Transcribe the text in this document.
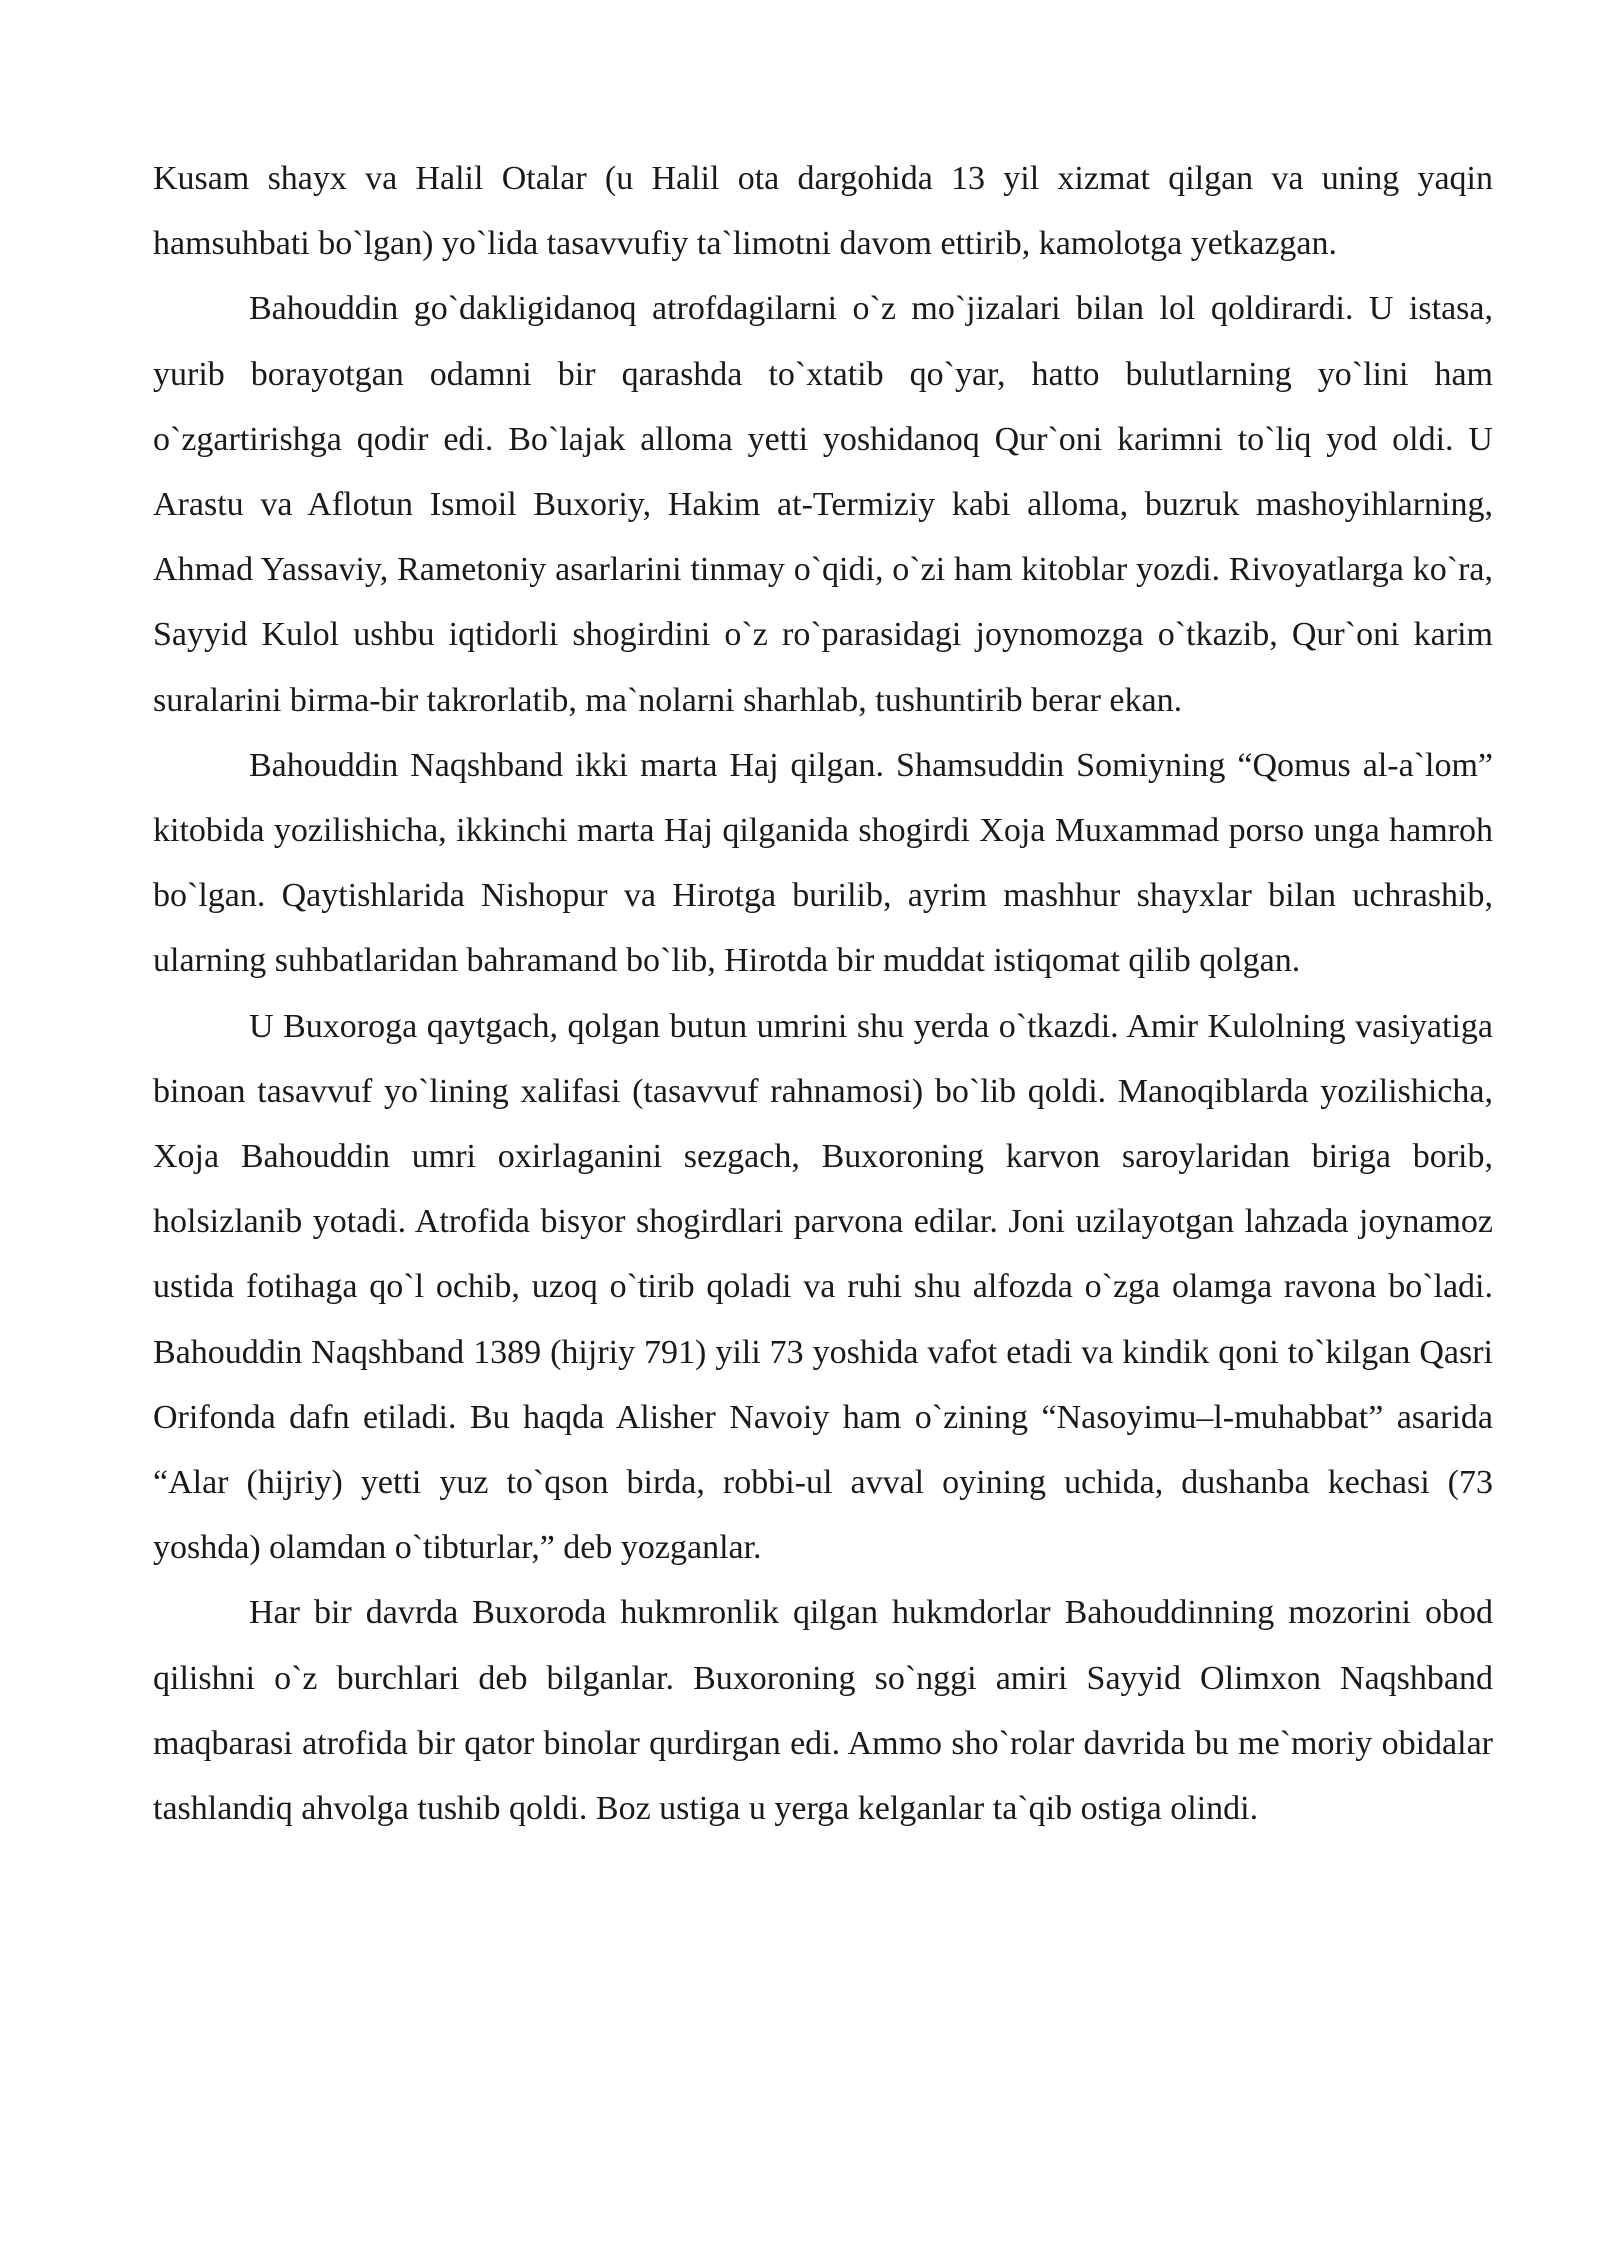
Kusam shayx va Halil Otalar (u Halil ota dargohida 13 yil xizmat qilgan va uning yaqin hamsuhbati bo`lgan) yo`lida tasavvufiy ta`limotni davom ettirib, kamolotga yetkazgan.

Bahouddin go`dakligidanoq atrofdagilarni o`z mo`jizalari bilan lol qoldirardi. U istasa, yurib borayotgan odamni bir qarashda to`xtatib qo`yar, hatto bulutlarning yo`lini ham o`zgartirishga qodir edi. Bo`lajak alloma yetti yoshidanoq Qur`oni karimni to`liq yod oldi. U Arastu va Aflotun Ismoil Buxoriy, Hakim at-Termiziy kabi alloma, buzruk mashoyihlarning, Ahmad Yassaviy, Rametoniy asarlarini tinmay o`qidi, o`zi ham kitoblar yozdi. Rivoyatlarga ko`ra, Sayyid Kulol ushbu iqtidorli shogirdini o`z ro`parasidagi joynomozga o`tkazib, Qur`oni karim suralarini birma-bir takrorlatib, ma`nolarni sharhlab, tushuntirib berar ekan.

Bahouddin Naqshband ikki marta Haj qilgan. Shamsuddin Somiyning “Qomus al-a`lom” kitobida yozilishicha, ikkinchi marta Haj qilganida shogirdi Xoja Muxammad porso unga hamroh bo`lgan. Qaytishlarida Nishopur va Hirotga burilib, ayrim mashhur shayxlar bilan uchrashib, ularning suhbatlaridan bahramand bo`lib, Hirotda bir muddat istiqomat qilib qolgan.

U Buxoroga qaytgach, qolgan butun umrini shu yerda o`tkazdi. Amir Kulolning vasiyatiga binoan tasavvuf yo`lining xalifasi (tasavvuf rahnamosi) bo`lib qoldi. Manoqiblarda yozilishicha, Xoja Bahouddin umri oxirlaganini sezgach, Buxoroning karvon saroylaridan biriga borib, holsizlanib yotadi. Atrofida bisyor shogirdlari parvona edilar. Joni uzilayotgan lahzada joynamoz ustida fotihaga qo`l ochib, uzoq o`tirib qoladi va ruhi shu alfozda o`zga olamga ravona bo`ladi. Bahouddin Naqshband 1389 (hijriy 791) yili 73 yoshida vafot etadi va kindik qoni to`kilgan Qasri Orifonda dafn etiladi. Bu haqda Alisher Navoiy ham o`zining “Nasoyimu–l-muhabbat” asarida “Alar (hijriy) yetti yuz to`qson birda, robbi-ul avval oyining uchida, dushanba kechasi (73 yoshda) olamdan o`tibturlar,” deb yozganlar.

Har bir davrda Buxoroda hukmronlik qilgan hukmdorlar Bahouddinning mozorini obod qilishni o`z burchlari deb bilganlar. Buxoroning so`nggi amiri Sayyid Olimxon Naqshband maqbarasi atrofida bir qator binolar qurdirgan edi. Ammo sho`rolar davrida bu me`moriy obidalar tashlandiq ahvolga tushib qoldi. Boz ustiga u yerga kelganlar ta`qib ostiga olindi.
